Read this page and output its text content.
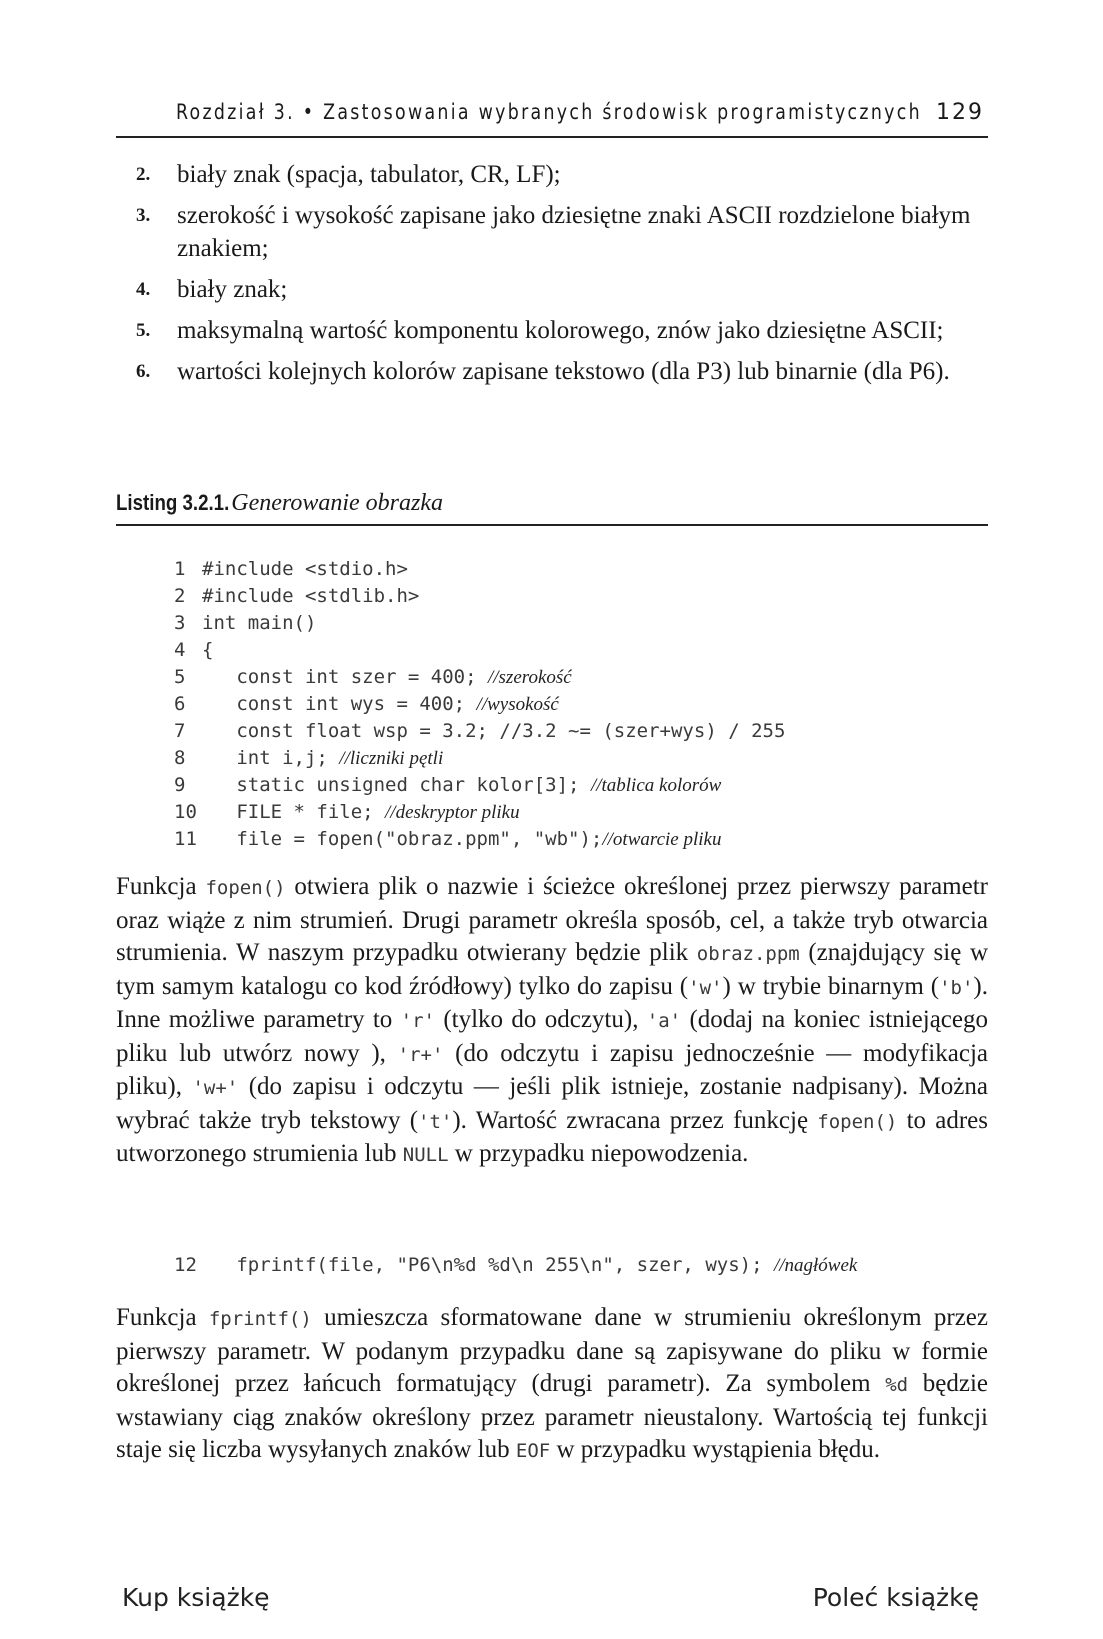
Rozdział 3. • Zastosowania wybranych środowisk programistycznych 129
2. biały znak (spacja, tabulator, CR, LF);
3. szerokość i wysokość zapisane jako dziesiętne znaki ASCII rozdzielone białym znakiem;
4. biały znak;
5. maksymalną wartość komponentu kolorowego, znów jako dziesiętne ASCII;
6. wartości kolejnych kolorów zapisane tekstowo (dla P3) lub binarnie (dla P6).
Listing 3.2.1. Generowanie obrazka
1 #include <stdio.h>
2 #include <stdlib.h>
3 int main()
4 {
5   const int szer = 400; //szerokość
6   const int wys = 400; //wysokość
7   const float wsp = 3.2; //3.2 ~= (szer+wys) / 255
8   int i,j; //liczniki pętli
9   static unsigned char kolor[3]; //tablica kolorów
10   FILE * file; //deskryptor pliku
11   file = fopen("obraz.ppm", "wb");//otwarcie pliku
Funkcja fopen() otwiera plik o nazwie i ścieżce określonej przez pierwszy parametr oraz wiąże z nim strumień. Drugi parametr określa sposób, cel, a także tryb otwarcia strumienia. W naszym przypadku otwierany będzie plik obraz.ppm (znajdujący się w tym samym katalogu co kod źródłowy) tylko do zapisu ('w') w trybie binarnym ('b'). Inne możliwe parametry to 'r' (tylko do odczytu), 'a' (dodaj na koniec istniejącego pliku lub utwórz nowy ), 'r+' (do odczytu i zapisu jednocześnie — modyfikacja pliku), 'w+' (do zapisu i odczytu — jeśli plik istnieje, zostanie nadpisany). Można wybrać także tryb tekstowy ('t'). Wartość zwracana przez funkcję fopen() to adres utworzonego strumienia lub NULL w przypadku niepowodzenia.
12   fprintf(file, "P6\n%d %d\n 255\n", szer, wys); //nagłówek
Funkcja fprintf() umieszcza sformatowane dane w strumieniu określonym przez pierwszy parametr. W podanym przypadku dane są zapisywane do pliku w formie określonej przez łańcuch formatujący (drugi parametr). Za symbolem %d będzie wstawiany ciąg znaków określony przez parametr nieustalony. Wartością tej funkcji staje się liczba wysyłanych znaków lub EOF w przypadku wystąpienia błędu.
Kup książkę	Poleć książkę
